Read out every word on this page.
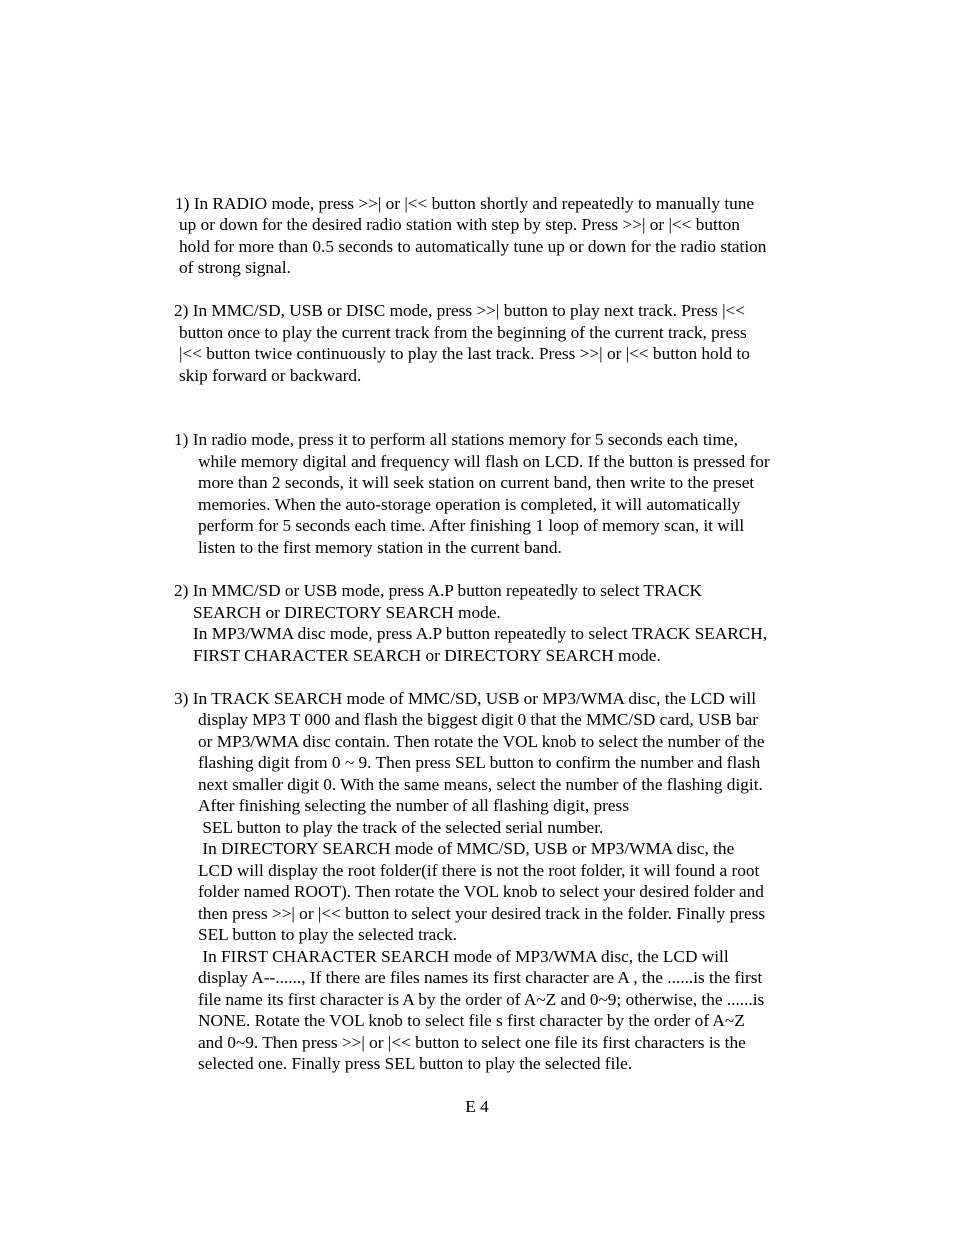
1) In RADIO mode, press >>| or |<< button shortly and repeatedly to manually tune

up or down for the desired radio station with step by step. Press >>| or |<< button

hold for more than 0.5 seconds to automatically tune up or down for the radio station

of strong signal.

2) In MMC/SD, USB or DISC mode, press >>| button to play next track. Press |<<

button once to play the current track from the beginning of the current track, press

|<< button twice continuously to play the last track. Press >>| or |<< button hold to

skip forward or backward.

1) In radio mode, press it to perform all stations memory for 5 seconds each time,

while memory digital and frequency will flash on LCD. If the button is pressed for

more than 2 seconds, it will seek station on current band, then write to the preset

memories. When the auto-storage operation is completed, it will automatically

perform for 5 seconds each time. After finishing 1 loop of memory scan, it will

listen to the first memory station in the current band.

2) In MMC/SD or USB mode, press A.P button repeatedly to select TRACK

SEARCH or DIRECTORY SEARCH mode.

In MP3/WMA disc mode, press A.P button repeatedly to select TRACK SEARCH,

FIRST CHARACTER SEARCH or DIRECTORY SEARCH mode.

3) In TRACK SEARCH mode of MMC/SD, USB or MP3/WMA disc, the LCD will

display MP3 T 000 and flash the biggest digit 0 that the MMC/SD card, USB bar

or MP3/WMA disc contain. Then rotate the VOL knob to select the number of the

flashing digit from 0 ~ 9. Then press SEL button to confirm the number and flash

next smaller digit 0. With the same means, select the number of the flashing digit.

After finishing selecting the number of all flashing digit, press

SEL button to play the track of the selected serial number.

In DIRECTORY SEARCH mode of MMC/SD, USB or MP3/WMA disc, the

LCD will display the root folder(if there is not the root folder, it will found a root

folder named ROOT). Then rotate the VOL knob to select your desired folder and

then press >>| or |<< button to select your desired track in the folder. Finally press

SEL button to play the selected track.

In FIRST CHARACTER SEARCH mode of MP3/WMA disc, the LCD will

display A--......, If there are files names its first character are A , the ......is the first

file name its first character is A by the order of A~Z and 0~9; otherwise, the ......is

NONE. Rotate the VOL knob to select file s first character by the order of A~Z

and 0~9. Then press >>| or |<< button to select one file its first characters is the

selected one. Finally press SEL button to play the selected file.

E 4
